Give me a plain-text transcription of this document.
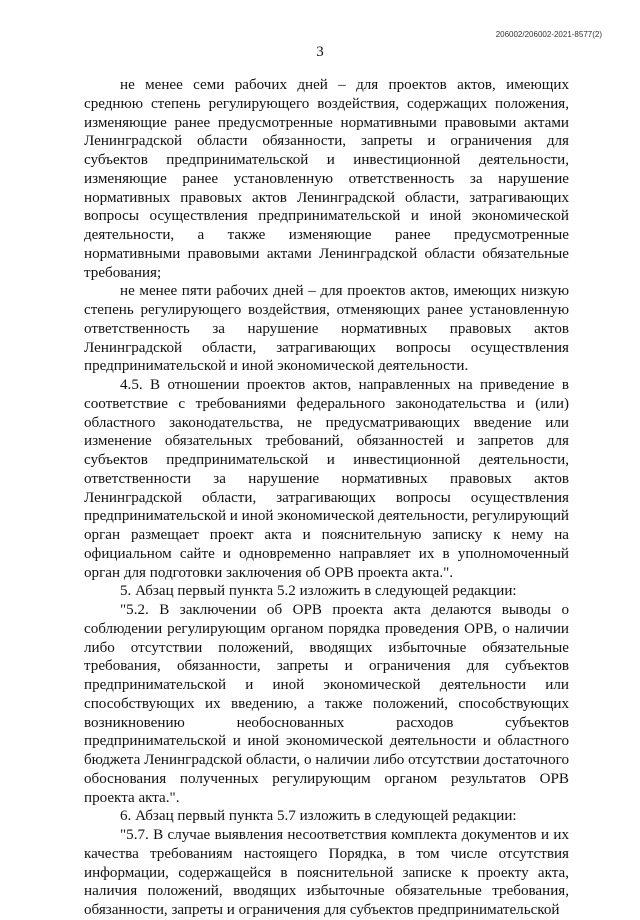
206002/206002-2021-8577(2)
3

не менее семи рабочих дней – для проектов актов, имеющих среднюю степень регулирующего воздействия, содержащих положения, изменяющие ранее предусмотренные нормативными правовыми актами Ленинградской области обязанности, запреты и ограничения для субъектов предпринимательской и инвестиционной деятельности, изменяющие ранее установленную ответственность за нарушение нормативных правовых актов Ленинградской области, затрагивающих вопросы осуществления предпринимательской и иной экономической деятельности, а также изменяющие ранее предусмотренные нормативными правовыми актами Ленинградской области обязательные требования;

не менее пяти рабочих дней – для проектов актов, имеющих низкую степень регулирующего воздействия, отменяющих ранее установленную ответственность за нарушение нормативных правовых актов Ленинградской области, затрагивающих вопросы осуществления предпринимательской и иной экономической деятельности.

4.5. В отношении проектов актов, направленных на приведение в соответствие с требованиями федерального законодательства и (или) областного законодательства, не предусматривающих введение или изменение обязательных требований, обязанностей и запретов для субъектов предпринимательской и инвестиционной деятельности, ответственности за нарушение нормативных правовых актов Ленинградской области, затрагивающих вопросы осуществления предпринимательской и иной экономической деятельности, регулирующий орган размещает проект акта и пояснительную записку к нему на официальном сайте и одновременно направляет их в уполномоченный орган для подготовки заключения об ОРВ проекта акта.".

5. Абзац первый пункта 5.2 изложить в следующей редакции:

"5.2. В заключении об ОРВ проекта акта делаются выводы о соблюдении регулирующим органом порядка проведения ОРВ, о наличии либо отсутствии положений, вводящих избыточные обязательные требования, обязанности, запреты и ограничения для субъектов предпринимательской и иной экономической деятельности или способствующих их введению, а также положений, способствующих возникновению необоснованных расходов субъектов предпринимательской и иной экономической деятельности и областного бюджета Ленинградской области, о наличии либо отсутствии достаточного обоснования полученных регулирующим органом результатов ОРВ проекта акта.".

6. Абзац первый пункта 5.7 изложить в следующей редакции:

"5.7. В случае выявления несоответствия комплекта документов и их качества требованиям настоящего Порядка, в том числе отсутствия информации, содержащейся в пояснительной записке к проекту акта, наличия положений, вводящих избыточные обязательные требования, обязанности, запреты и ограничения для субъектов предпринимательской
